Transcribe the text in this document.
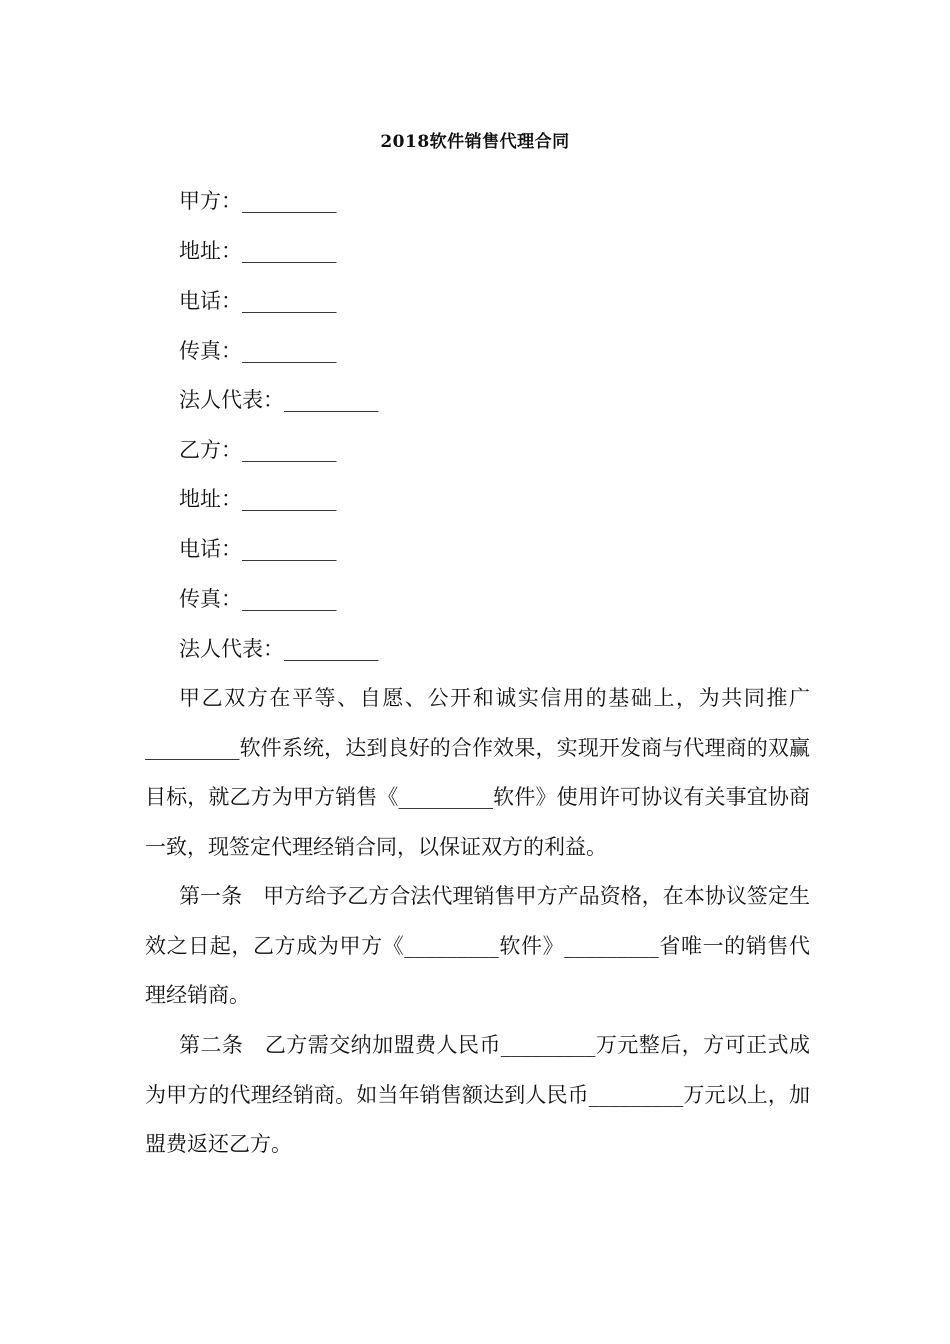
2018软件销售代理合同
甲方：_________
地址：_________
电话：_________
传真：_________
法人代表：_________
乙方：_________
地址：_________
电话：_________
传真：_________
法人代表：_________
甲乙双方在平等、自愿、公开和诚实信用的基础上，为共同推广_________软件系统，达到良好的合作效果，实现开发商与代理商的双赢目标，就乙方为甲方销售《_________软件》使用许可协议有关事宜协商一致，现签定代理经销合同，以保证双方的利益。
第一条　甲方给予乙方合法代理销售甲方产品资格，在本协议签定生效之日起，乙方成为甲方《_________软件》_________省唯一的销售代理经销商。
第二条　乙方需交纳加盟费人民币_________万元整后，方可正式成为甲方的代理经销商。如当年销售额达到人民币_________万元以上，加盟费返还乙方。
